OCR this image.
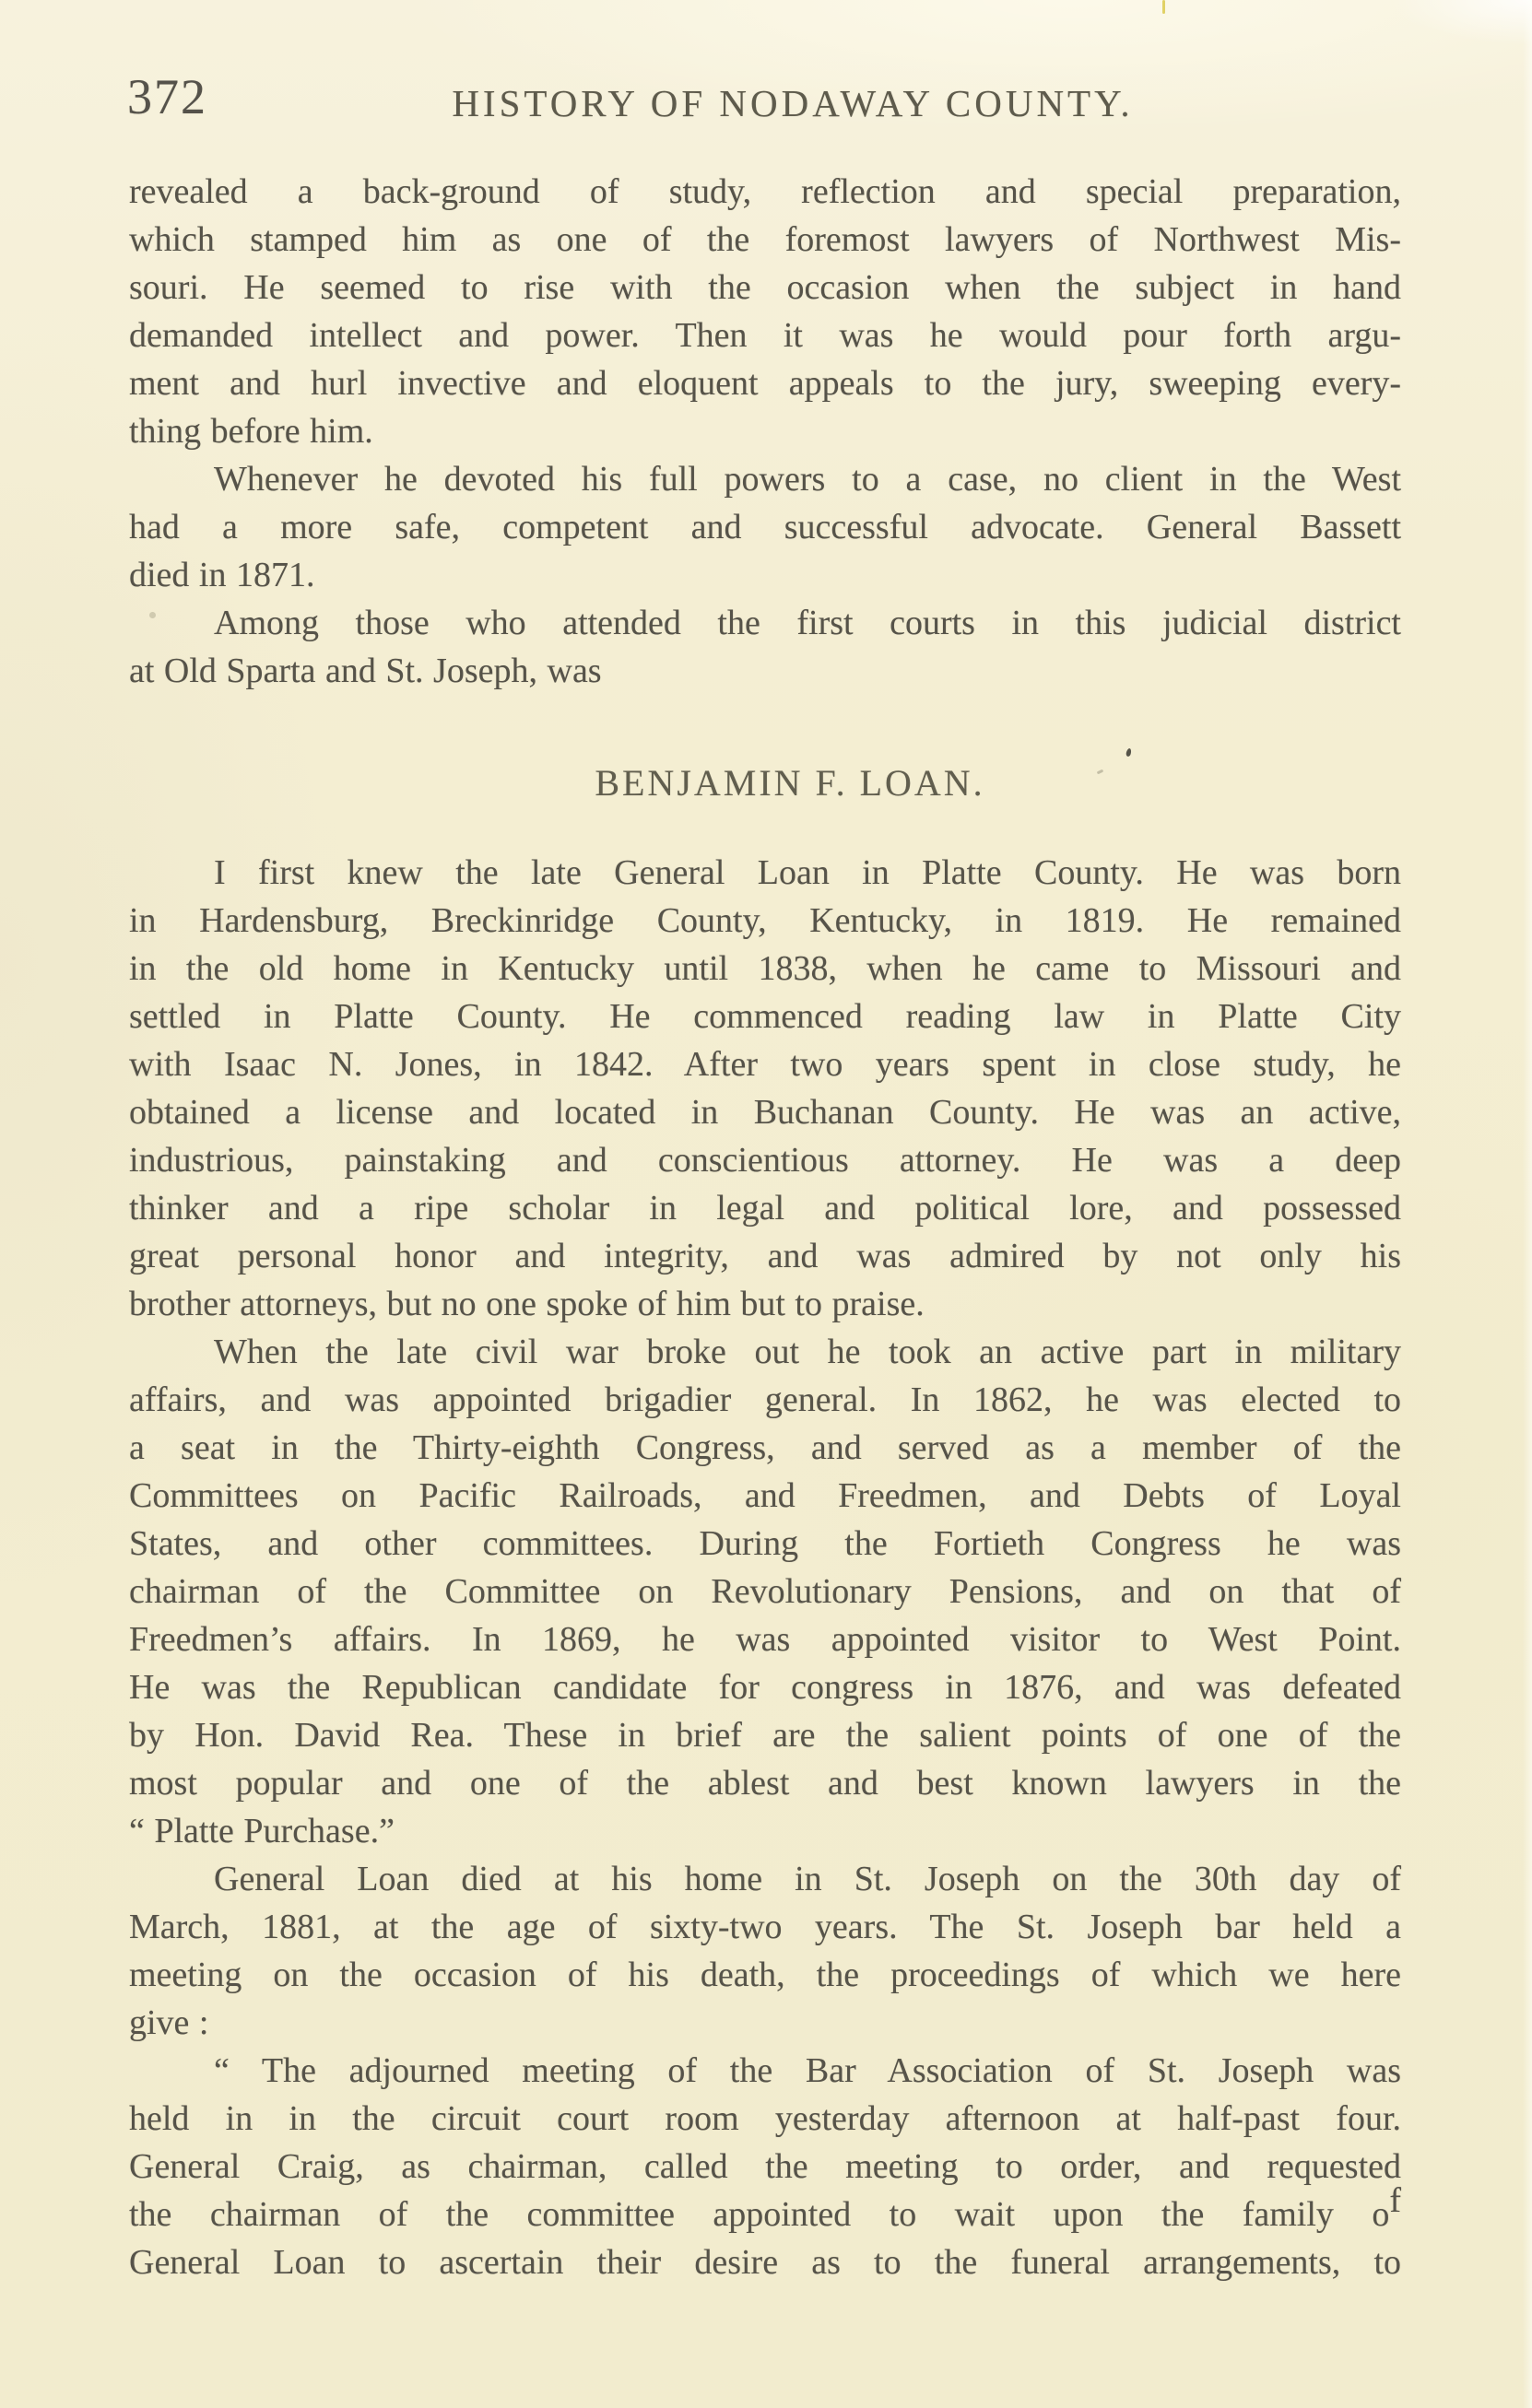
372	HISTORY OF NODAWAY COUNTY.
revealed a back-ground of study, reflection and special preparation,
which stamped him as one of the foremost lawyers of Northwest Mis-
souri. He seemed to rise with the occasion when the subject in hand
demanded intellect and power. Then it was he would pour forth argu-
ment and hurl invective and eloquent appeals to the jury, sweeping every-
thing before him.
Whenever he devoted his full powers to a case, no client in the West
had a more safe, competent and successful advocate. General Bassett
died in 1871.
Among those who attended the first courts in this judicial district
at Old Sparta and St. Joseph, was
BENJAMIN F. LOAN.
I first knew the late General Loan in Platte County. He was born
in Hardensburg, Breckinridge County, Kentucky, in 1819. He remained
in the old home in Kentucky until 1838, when he came to Missouri and
settled in Platte County. He commenced reading law in Platte City
with Isaac N. Jones, in 1842. After two years spent in close study, he
obtained a license and located in Buchanan County. He was an active,
industrious, painstaking and conscientious attorney. He was a deep
thinker and a ripe scholar in legal and political lore, and possessed
great personal honor and integrity, and was admired by not only his
brother attorneys, but no one spoke of him but to praise.
When the late civil war broke out he took an active part in military
affairs, and was appointed brigadier general. In 1862, he was elected to
a seat in the Thirty-eighth Congress, and served as a member of the
Committees on Pacific Railroads, and Freedmen, and Debts of Loyal
States, and other committees. During the Fortieth Congress he was
chairman of the Committee on Revolutionary Pensions, and on that of
Freedmen’s affairs. In 1869, he was appointed visitor to West Point.
He was the Republican candidate for congress in 1876, and was defeated
by Hon. David Rea. These in brief are the salient points of one of the
most popular and one of the ablest and best known lawyers in the
“ Platte Purchase.”
General Loan died at his home in St. Joseph on the 30th day of
March, 1881, at the age of sixty-two years. The St. Joseph bar held a
meeting on the occasion of his death, the proceedings of which we here
give :
“ The adjourned meeting of the Bar Association of St. Joseph was
held in in the circuit court room yesterday afternoon at half-past four.
General Craig, as chairman, called the meeting to order, and requested
the chairman of the committee appointed to wait upon the family of
General Loan to ascertain their desire as to the funeral arrangements, to
